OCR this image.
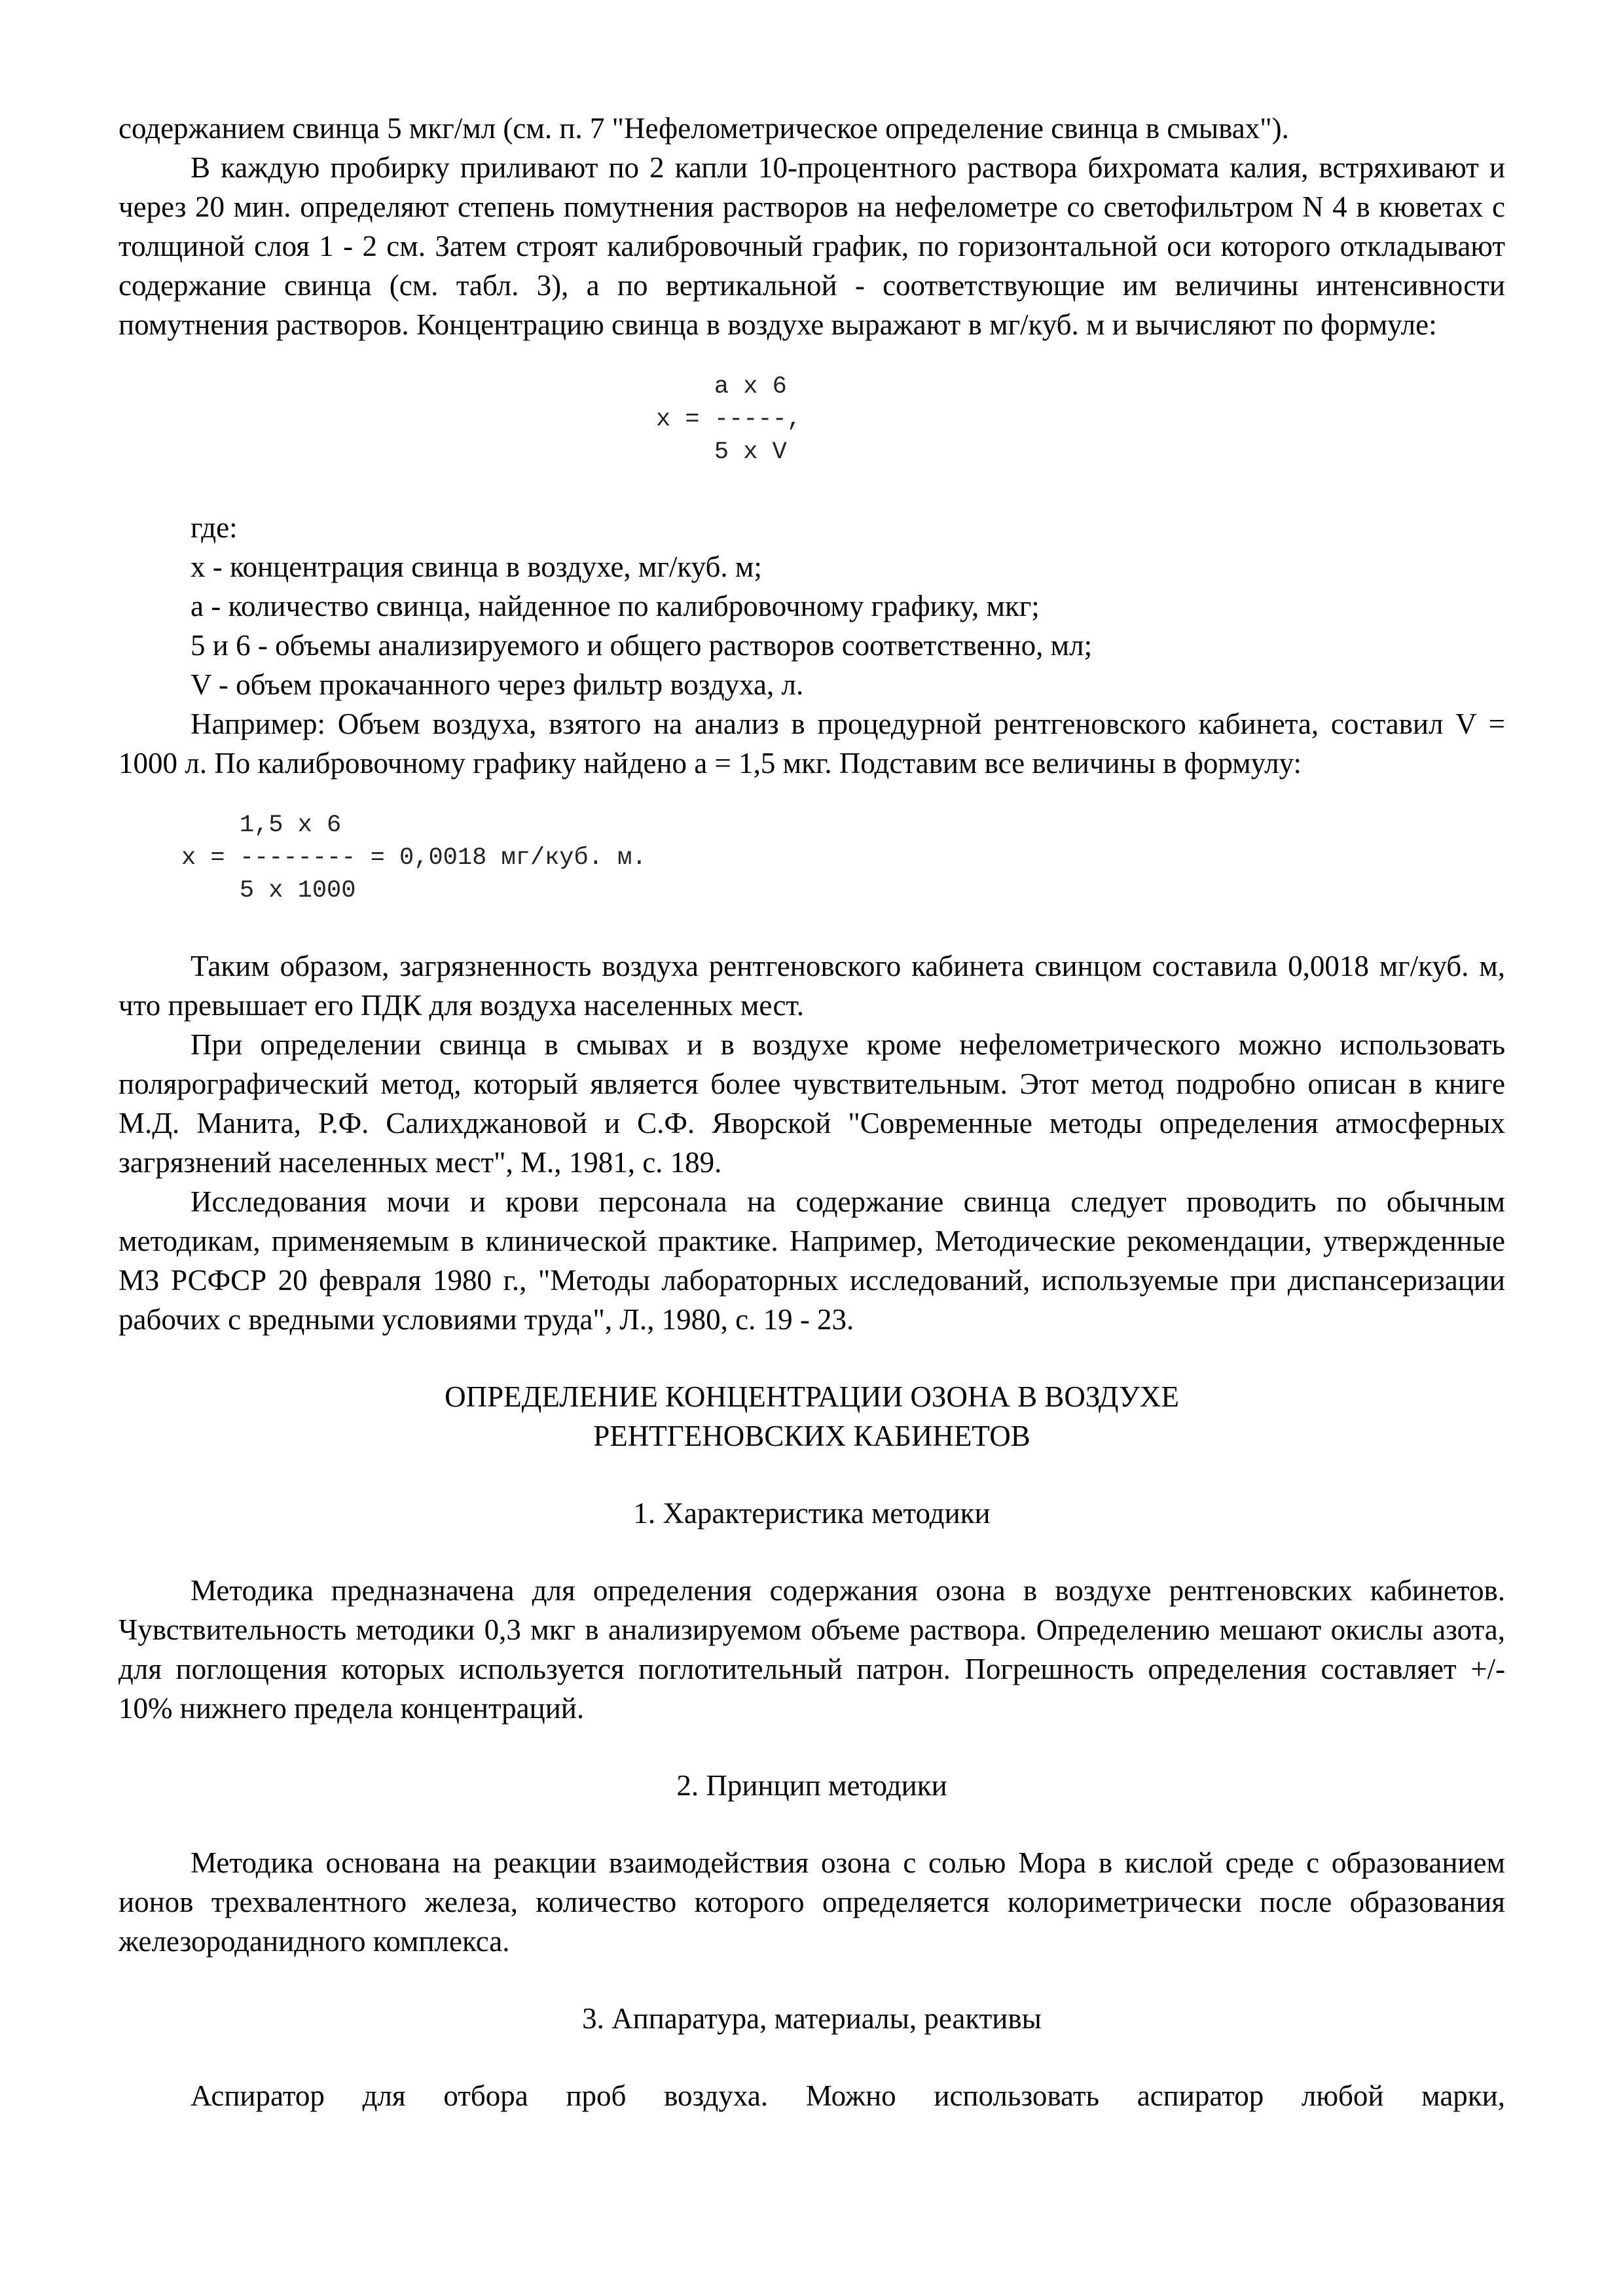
содержанием свинца 5 мкг/мл (см. п. 7 "Нефелометрическое определение свинца в смывах").

В каждую пробирку приливают по 2 капли 10-процентного раствора бихромата калия, встряхивают и через 20 мин. определяют степень помутнения растворов на нефелометре со светофильтром N 4 в кюветах с толщиной слоя 1 - 2 см. Затем строят калибровочный график, по горизонтальной оси которого откладывают содержание свинца (см. табл. 3), а по вертикальной - соответствующие им величины интенсивности помутнения растворов. Концентрацию свинца в воздухе выражают в мг/куб. м и вычисляют по формуле:

a x 6

x = -----,

5 x V

где:

x - концентрация свинца в воздухе, мг/куб. м;

а - количество свинца, найденное по калибровочному графику, мкг;

5 и 6 - объемы анализируемого и общего растворов соответственно, мл;

V - объем прокачанного через фильтр воздуха, л.

Например: Объем воздуха, взятого на анализ в процедурной рентгеновского кабинета, составил V = 1000 л. По калибровочному графику найдено а = 1,5 мкг. Подставим все величины в формулу:

1,5 x 6

x = -------- = 0,0018 мг/куб. м.

5 x 1000

Таким образом, загрязненность воздуха рентгеновского кабинета свинцом составила 0,0018 мг/куб. м, что превышает его ПДК для воздуха населенных мест.

При определении свинца в смывах и в воздухе кроме нефелометрического можно использовать полярографический метод, который является более чувствительным. Этот метод подробно описан в книге М.Д. Манита, Р.Ф. Салихджановой и С.Ф. Яворской "Современные методы определения атмосферных загрязнений населенных мест", М., 1981, с. 189.

Исследования мочи и крови персонала на содержание свинца следует проводить по обычным методикам, применяемым в клинической практике. Например, Методические рекомендации, утвержденные МЗ РСФСР 20 февраля 1980 г., "Методы лабораторных исследований, используемые при диспансеризации рабочих с вредными условиями труда", Л., 1980, с. 19 - 23.

ОПРЕДЕЛЕНИЕ КОНЦЕНТРАЦИИ ОЗОНА В ВОЗДУХЕ

РЕНТГЕНОВСКИХ КАБИНЕТОВ

1. Характеристика методики

Методика предназначена для определения содержания озона в воздухе рентгеновских кабинетов. Чувствительность методики 0,3 мкг в анализируемом объеме раствора. Определению мешают окислы азота, для поглощения которых используется поглотительный патрон. Погрешность определения составляет +/- 10% нижнего предела концентраций.

2. Принцип методики

Методика основана на реакции взаимодействия озона с солью Мора в кислой среде с образованием ионов трехвалентного железа, количество которого определяется колориметрически после образования железороданидного комплекса.

3. Аппаратура, материалы, реактивы

Аспиратор для отбора проб воздуха. Можно использовать аспиратор любой марки,
